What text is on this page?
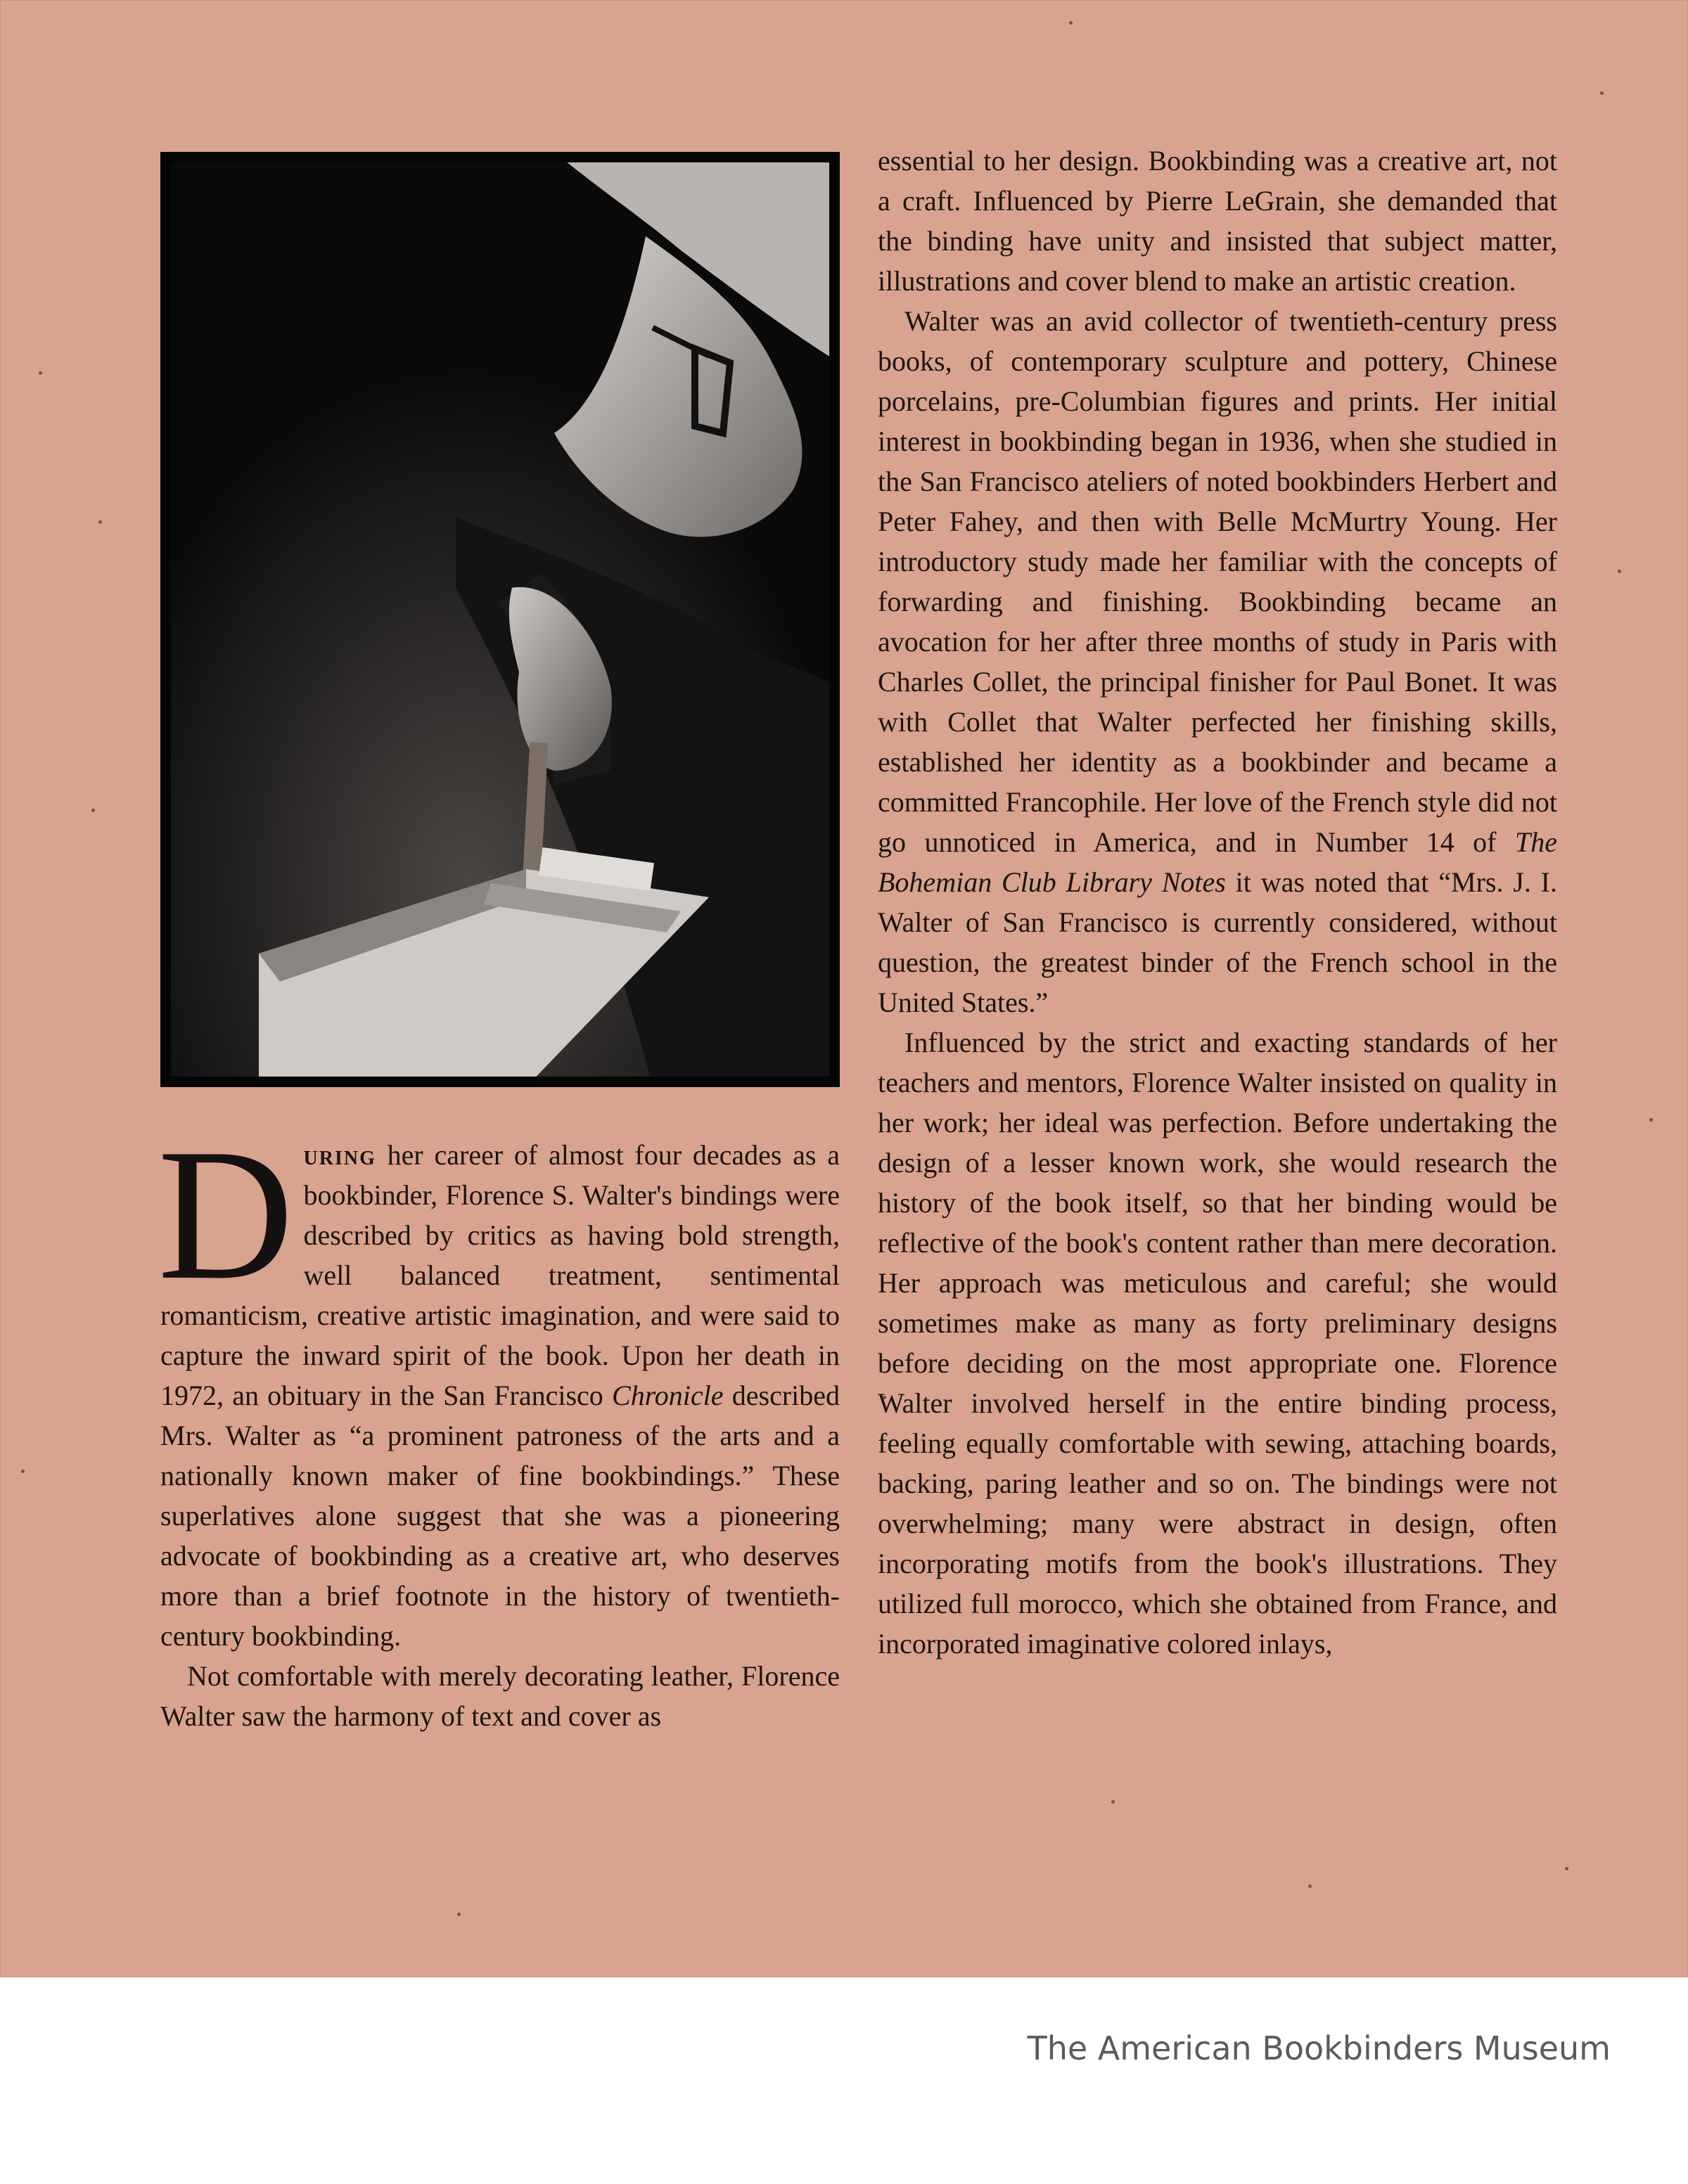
During her career of almost four decades as a bookbinder, Florence S. Walter's bindings were described by critics as having bold strength, well balanced treatment, sentimental romanticism, creative artistic imagination, and were said to capture the inward spirit of the book. Upon her death in 1972, an obituary in the San Francisco Chronicle described Mrs. Walter as “a prominent patroness of the arts and a nationally known maker of fine bookbindings.” These superlatives alone suggest that she was a pioneering advocate of bookbinding as a creative art, who deserves more than a brief footnote in the history of twentieth-century bookbinding.

Not comfortable with merely decorating leather, Florence Walter saw the harmony of text and cover as

essential to her design. Bookbinding was a creative art, not a craft. Influenced by Pierre LeGrain, she demanded that the binding have unity and insisted that subject matter, illustrations and cover blend to make an artistic creation.

Walter was an avid collector of twentieth-century press books, of contemporary sculpture and pottery, Chinese porcelains, pre-Columbian figures and prints. Her initial interest in bookbinding began in 1936, when she studied in the San Francisco ateliers of noted bookbinders Herbert and Peter Fahey, and then with Belle McMurtry Young. Her introductory study made her familiar with the concepts of forwarding and finishing. Bookbinding became an avocation for her after three months of study in Paris with Charles Collet, the principal finisher for Paul Bonet. It was with Collet that Walter perfected her finishing skills, established her identity as a bookbinder and became a committed Francophile. Her love of the French style did not go unnoticed in America, and in Number 14 of The Bohemian Club Library Notes it was noted that “Mrs. J. I. Walter of San Francisco is currently considered, without question, the greatest binder of the French school in the United States.”

Influenced by the strict and exacting standards of her teachers and mentors, Florence Walter insisted on quality in her work; her ideal was perfection. Before undertaking the design of a lesser known work, she would research the history of the book itself, so that her binding would be reflective of the book's content rather than mere decoration. Her approach was meticulous and careful; she would sometimes make as many as forty preliminary designs before deciding on the most appropriate one. Florence Walter involved herself in the entire binding process, feeling equally comfortable with sewing, attaching boards, backing, paring leather and so on. The bindings were not overwhelming; many were abstract in design, often incorporating motifs from the book's illustrations. They utilized full morocco, which she obtained from France, and incorporated imaginative colored inlays,

The American Bookbinders Museum
